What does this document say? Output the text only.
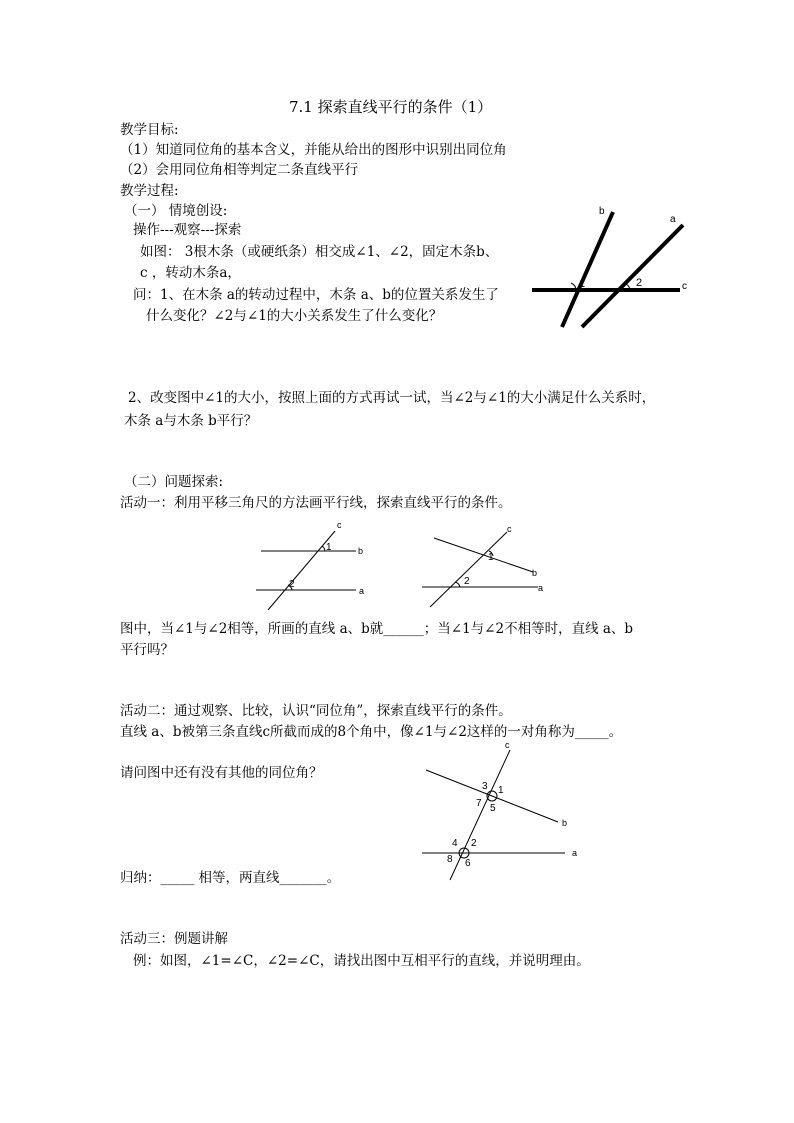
7.1 探索直线平行的条件（1）
教学目标:
（1）知道同位角的基本含义，并能从给出的图形中识别出同位角
（2）会用同位角相等判定二条直线平行
教学过程:
（一） 情境创设:
操作---观察---探索
如图： 3根木条（或硬纸条）相交成∠1、∠2，固定木条b、
c ，转动木条a，
问：1、在木条 a的转动过程中，木条 a、b的位置关系发生了
什么变化？∠2与∠1的大小关系发生了什么变化？
b
a
c
1	2
2、改变图中∠1的大小，按照上面的方式再试一试，当∠2与∠1的大小满足什么关系时，
木条 a与木条 b平行？
（二）问题探索:
活动一：利用平移三角尺的方法画平行线，探索直线平行的条件。
c
b
a
1
2
c
b
a
1
2
图中，当∠1与∠2相等，所画的直线 a、b就______；当∠1与∠2不相等时，直线 a、b
平行吗？
活动二：通过观察、比较，认识“同位角”，探索直线平行的条件。
直线 a、b被第三条直线c所截而成的8个角中，像∠1与∠2这样的一对角称为_____。
请问图中还有没有其他的同位角？
c
b
a
3 1
7 5
4 2
8 6
归纳：_____ 相等，两直线_______。
活动三：例题讲解
例：如图，∠1=∠C，∠2=∠C，请找出图中互相平行的直线，并说明理由。
